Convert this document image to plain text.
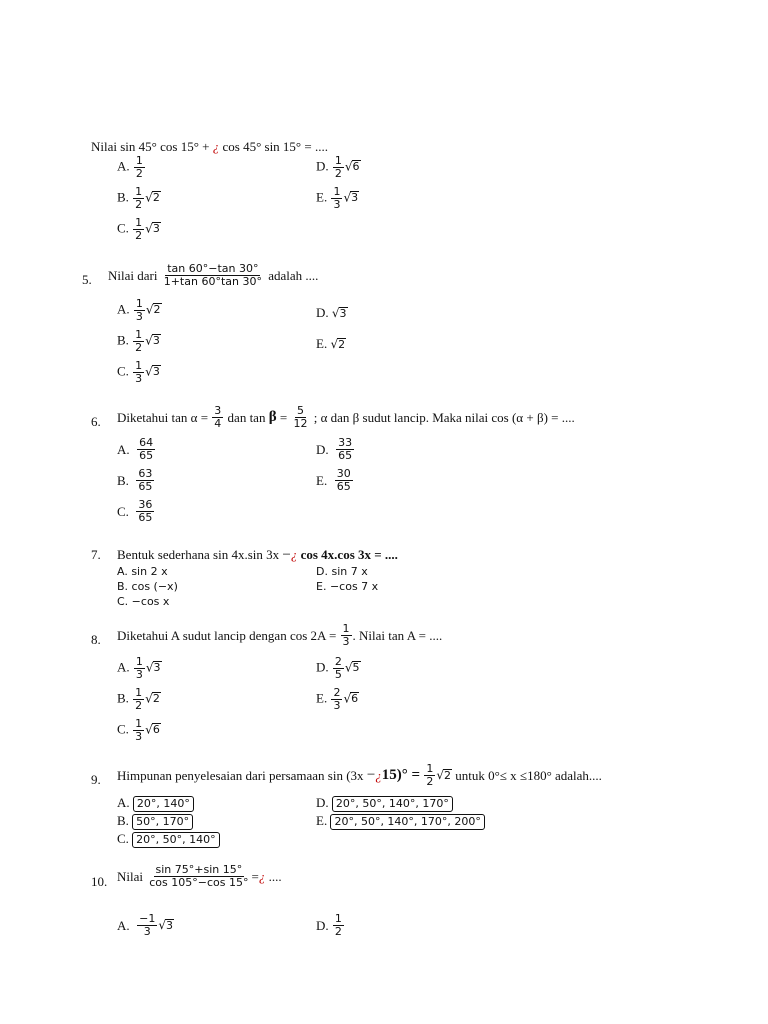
Nilai sin 45° cos 15° + ¿ cos 45° sin 15° = ....
A. $\frac{1}{2}$
B. $\frac{1}{2} √2$
C. $\frac{1}{2} √3$
D. $\frac{1}{2} √6$
E. $\frac{1}{3} √3$
5. Nilai dari $\frac{\tan 60^\circ-\tan 30^\circ}{1+\tan 60^\circ\tan 30^\circ}$ adalah ....
A. $\frac{1}{3} √2$
B. $\frac{1}{2} √3$
C. $\frac{1}{3} √3$
D. √3
E. √2
6. Diketahui $\tan \alpha = \frac{3}{4}$ dan $\tan \beta = \frac{5}{12}$ ; α dan β sudut lancip. Maka nilai cos (α + β) = ....
A. $\frac{64}{65}$
B. $\frac{63}{65}$
C. $\frac{36}{65}$
D. $\frac{33}{65}$
E. $\frac{30}{65}$
7. Bentuk sederhana sin 4x.sin 3x −¿ cos 4x.cos 3x = ....
A. sin 2 x
B. cos (−x)
C. −cos x
D. sin 7 x
E. −cos 7 x
8. Diketahui A sudut lancip dengan $\cos 2A = \frac{1}{3}$ . Nilai tan A = ....
A. $\frac{1}{3} √3$
B. $\frac{1}{2} √2$
C. $\frac{1}{3} √6$
D. $\frac{2}{5} √5$
E. $\frac{2}{3} √6$
9. Himpunan penyelesaian dari persamaan sin (3x −¿15)° = $\frac{1}{2} √2$ untuk 0°≤ x ≤180° adalah....
A. 20°, 140°
B. 50°, 170°
C. 20°, 50°, 140°
D. 20°, 50°, 140°, 170°
E. 20°, 50°, 140°, 170°, 200°
10. Nilai $\frac{\sin 75^\circ+\sin 15^\circ}{\cos 105^\circ-\cos 15^\circ}$ =¿ ....
A. $\frac{-1}{3} √3$	D. $\frac{1}{2}$
